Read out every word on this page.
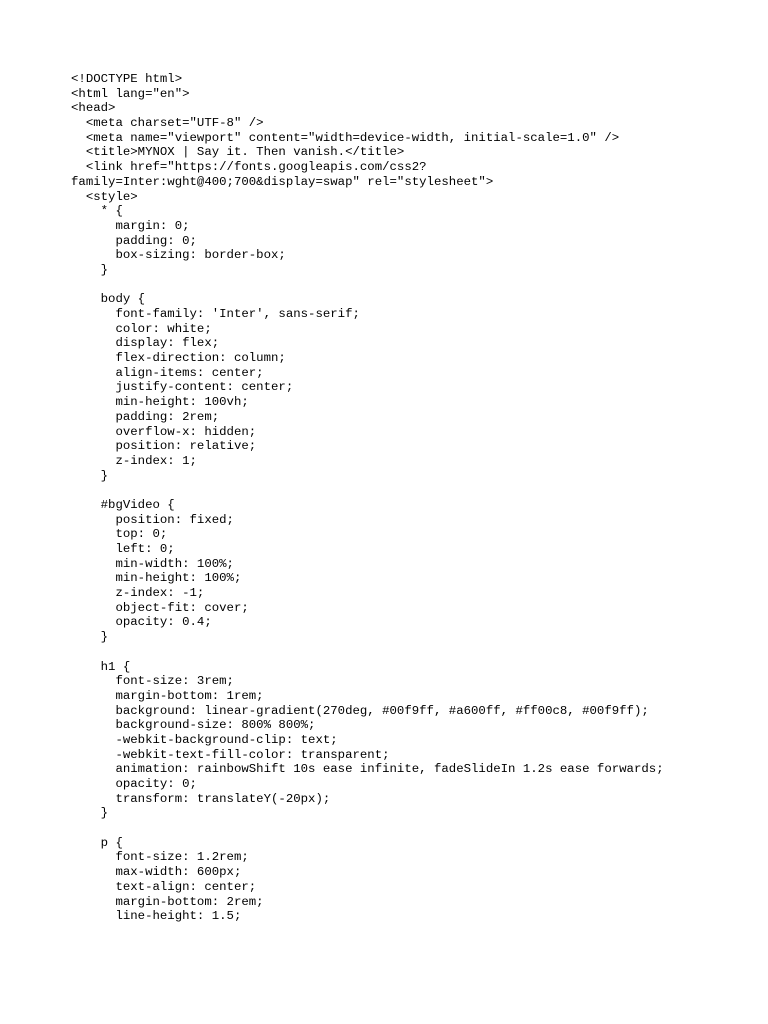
<!DOCTYPE html>
<html lang="en">
<head>
<meta charset="UTF-8" />
<meta name="viewport" content="width=device-width, initial-scale=1.0" />
<title>MYNOX | Say it. Then vanish.</title>
<link href="https://fonts.googleapis.com/css2?
family=Inter:wght@400;700&display=swap" rel="stylesheet">
<style>
* {
margin: 0;
padding: 0;
box-sizing: border-box;
}
body {
font-family: 'Inter', sans-serif;
color: white;
display: flex;
flex-direction: column;
align-items: center;
justify-content: center;
min-height: 100vh;
padding: 2rem;
overflow-x: hidden;
position: relative;
z-index: 1;
}
#bgVideo {
position: fixed;
top: 0;
left: 0;
min-width: 100%;
min-height: 100%;
z-index: -1;
object-fit: cover;
opacity: 0.4;
}
h1 {
font-size: 3rem;
margin-bottom: 1rem;
background: linear-gradient(270deg, #00f9ff, #a600ff, #ff00c8, #00f9ff);
background-size: 800% 800%;
-webkit-background-clip: text;
-webkit-text-fill-color: transparent;
animation: rainbowShift 10s ease infinite, fadeSlideIn 1.2s ease forwards;
opacity: 0;
transform: translateY(-20px);
}
p {
font-size: 1.2rem;
max-width: 600px;
text-align: center;
margin-bottom: 2rem;
line-height: 1.5;
